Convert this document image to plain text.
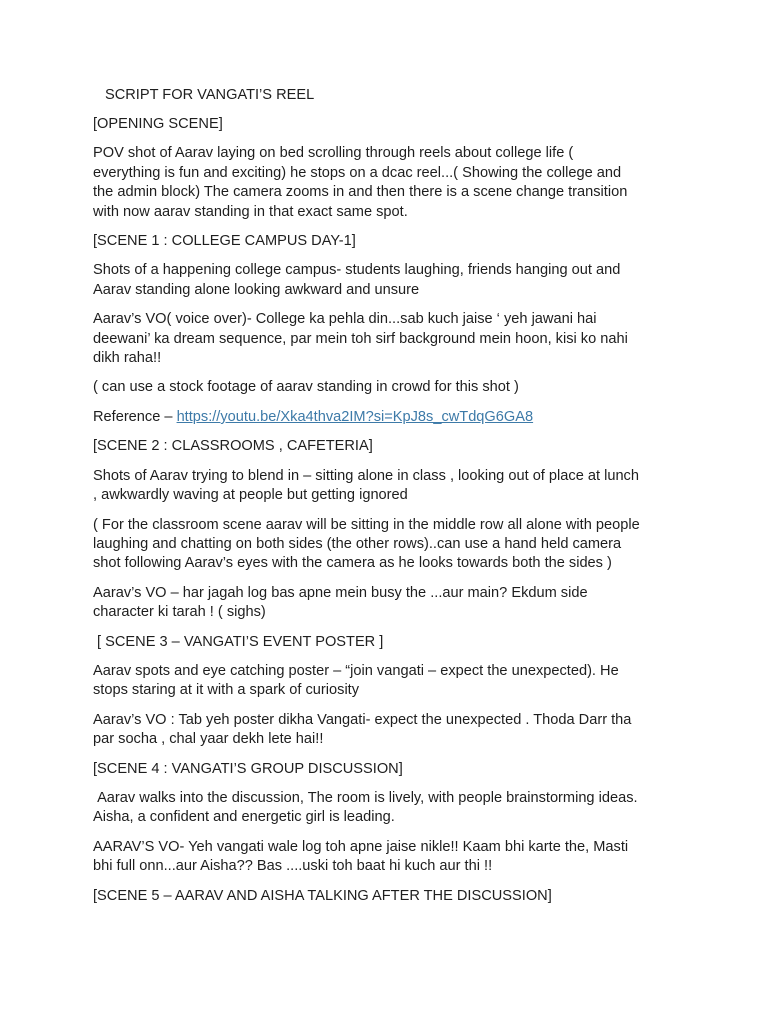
SCRIPT FOR VANGATI’S REEL
[OPENING SCENE]
POV shot of Aarav laying on bed scrolling through reels about college life (
everything is fun and exciting) he stops on a dcac reel...( Showing the college and
the admin block) The camera zooms in and then there is a scene change transition
with now aarav standing in that exact same spot.
[SCENE 1 : COLLEGE CAMPUS DAY-1]
Shots of a happening college campus- students laughing, friends hanging out and
Aarav standing alone looking awkward and unsure
Aarav’s VO( voice over)- College ka pehla din...sab kuch jaise ‘ yeh jawani hai
deewani’ ka dream sequence, par mein toh sirf background mein hoon, kisi ko nahi
dikh raha!!
( can use a stock footage of aarav standing in crowd for this shot )
Reference – https://youtu.be/Xka4thva2IM?si=KpJ8s_cwTdqG6GA8
[SCENE 2 : CLASSROOMS , CAFETERIA]
Shots of Aarav trying to blend in – sitting alone in class , looking out of place at lunch
, awkwardly waving at people but getting ignored
( For the classroom scene aarav will be sitting in the middle row all alone with people
laughing and chatting on both sides (the other rows)..can use a hand held camera
shot following Aarav’s eyes with the camera as he looks towards both the sides )
Aarav’s VO – har jagah log bas apne mein busy the ...aur main? Ekdum side
character ki tarah ! ( sighs)
[ SCENE 3 – VANGATI’S EVENT POSTER ]
Aarav spots and eye catching poster – “join vangati – expect the unexpected). He
stops staring at it with a spark of curiosity
Aarav’s VO : Tab yeh poster dikha Vangati- expect the unexpected . Thoda Darr tha
par socha , chal yaar dekh lete hai!!
[SCENE 4 : VANGATI’S GROUP DISCUSSION]
Aarav walks into the discussion, The room is lively, with people brainstorming ideas.
Aisha, a confident and energetic girl is leading.
AARAV’S VO- Yeh vangati wale log toh apne jaise nikle!! Kaam bhi karte the, Masti
bhi full onn...aur Aisha?? Bas ....uski toh baat hi kuch aur thi !!
[SCENE 5 – AARAV AND AISHA TALKING AFTER THE DISCUSSION]
